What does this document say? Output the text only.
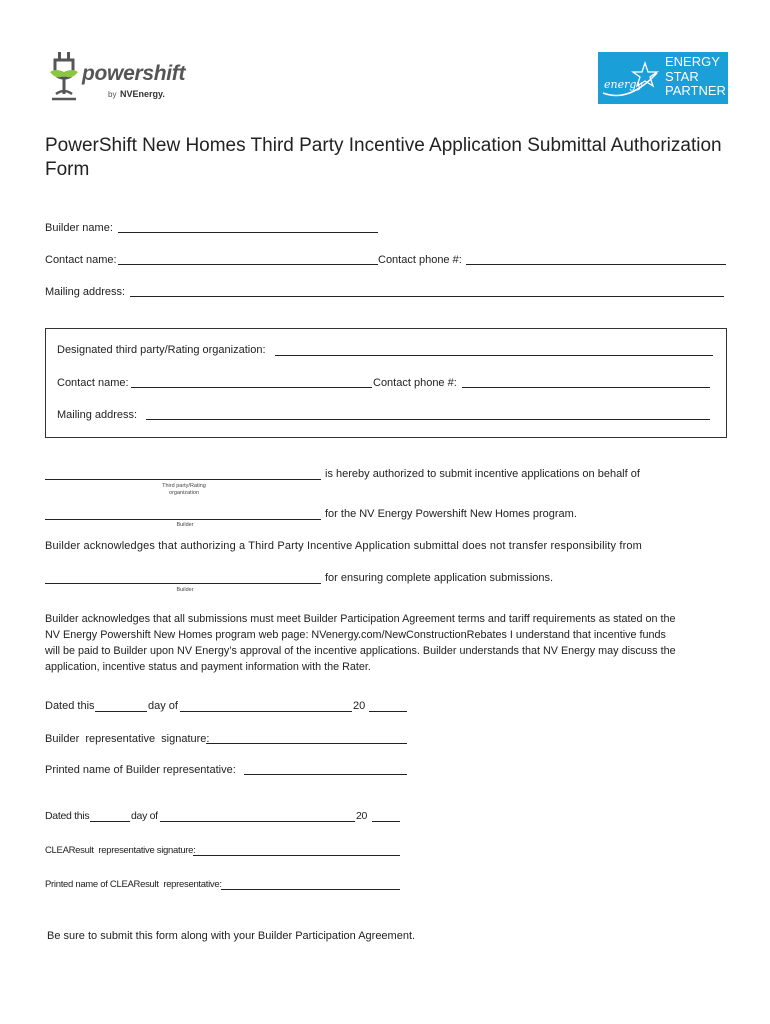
powershift
by NVEnergy.
energy
ENERGY
STAR
PARTNER
PowerShift New Homes Third Party Incentive Application Submittal Authorization Form
Builder name:
Contact name:	Contact phone #:
Mailing address:
Designated third party/Rating organization:
Contact name:	Contact phone #:
Mailing address:
is hereby authorized to submit incentive applications on behalf of
Third party/Rating organization
for the NV Energy Powershift New Homes program.
Builder
Builder acknowledges that authorizing a Third Party Incentive Application submittal does not transfer responsibility from
for ensuring complete application submissions.
Builder
Builder acknowledges that all submissions must meet Builder Participation Agreement terms and tariff requirements as stated on the
NV Energy Powershift New Homes program web page: NVenergy.com/NewConstructionRebates I understand that incentive funds
will be paid to Builder upon NV Energy’s approval of the incentive applications. Builder understands that NV Energy may discuss the
application, incentive status and payment information with the Rater.
Dated this	day of	20
Builder  representative  signature:
Printed name of Builder representative:
Dated this	day of	20
CLEAResult  representative signature:
Printed name of CLEAResult  representative:
Be sure to submit this form along with your Builder Participation Agreement.
